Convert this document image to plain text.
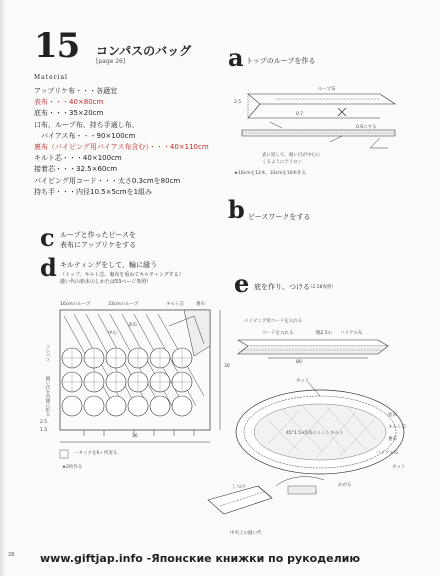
15 コンパスのバッグ
[page 26]
Material
アップリケ布・・・各適宜
表布・・・40×80cm
底布・・・35×20cm
口布、ループ布、持ち手通し布、
　バイアス布・・・90×100cm
裏布（パイピング用バイアス布含む）・・・40×110cm
キルト芯・・・40×100cm
接着芯・・・32.5×60cm
パイピング用コード・・・太さ0.3cmを80cm
持ち手・・・内径10.5×5cmを1組み
a トップのループを作る
2.5
ループ布
0.7
0.6にする
表に返して、縫い目が中心に
くるようにアイロン
★16cmを12本、33cmを10本作る
b ピースワークをする
c ループと作ったピースを
表布にアップリケをする
d キルティングをして、輪に縫う
（トップ、キルト芯、裏布を重ねてキルティングする）
縫い代の始末のしかたは53ページ参照）
16cmのループ	33cmのループ	キルト芯	裏布
表布
中心
コンパス
縫い代を内側に折る
30
36
ータックを6ヶ所寄る
★2枚作る
2.5
1.5
e 底を作り、つける
（2.58参照）
パイピング用コードを入れる
コードを入れる	幅2.5の バイアス布
80
カット
45°1.5×5角のミシンキルト
底布
キルト芯
裏布
バイアス布
カット
しつけ	かがる
中央上の縫い代
28 www.giftjap.info -Японские книжки по рукоделию
